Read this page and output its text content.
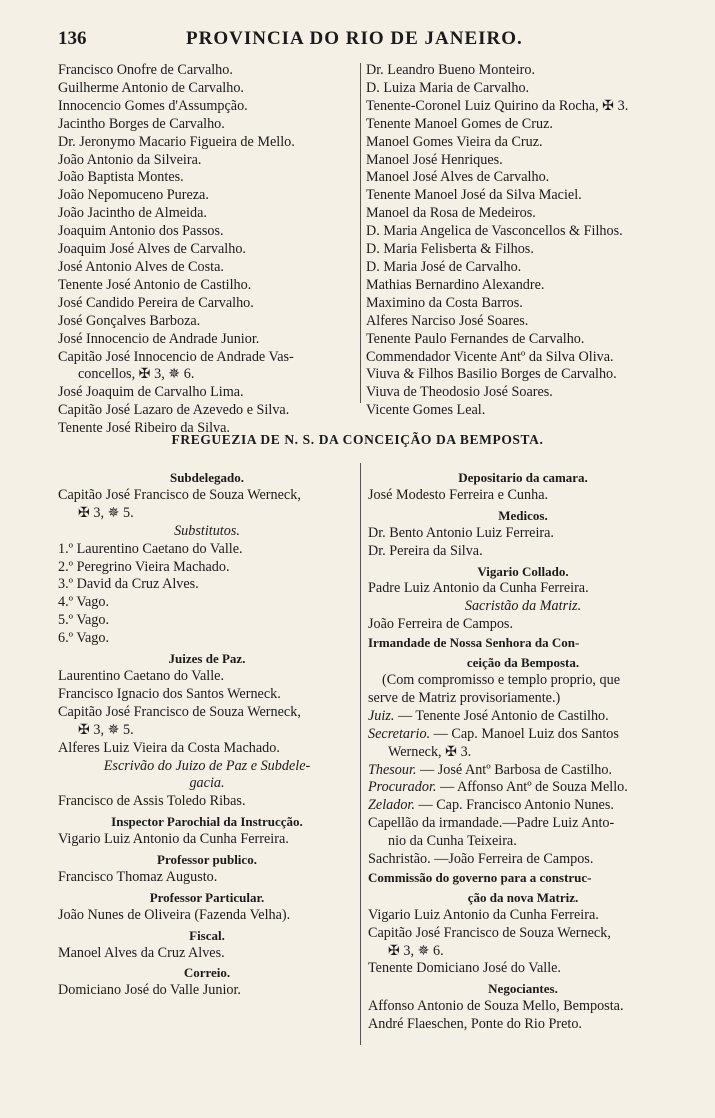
136	PROVINCIA DO RIO DE JANEIRO.
Francisco Onofre de Carvalho.
Guilherme Antonio de Carvalho.
Innocencio Gomes d'Assumpção.
Jacintho Borges de Carvalho.
Dr. Jeronymo Macario Figueira de Mello.
João Antonio da Silveira.
João Baptista Montes.
João Nepomuceno Pureza.
João Jacintho de Almeida.
Joaquim Antonio dos Passos.
Joaquim José Alves de Carvalho.
José Antonio Alves de Costa.
Tenente José Antonio de Castilho.
José Candido Pereira de Carvalho.
José Gonçalves Barboza.
José Innocencio de Andrade Junior.
Capitão José Innocencio de Andrade Vas-
concellos, ✠ 3, ✵ 6.
José Joaquim de Carvalho Lima.
Capitão José Lazaro de Azevedo e Silva.
Tenente José Ribeiro da Silva.
Dr. Leandro Bueno Monteiro.
D. Luiza Maria de Carvalho.
Tenente-Coronel Luiz Quirino da Rocha, ✠ 3.
Tenente Manoel Gomes de Cruz.
Manoel Gomes Vieira da Cruz.
Manoel José Henriques.
Manoel José Alves de Carvalho.
Tenente Manoel José da Silva Maciel.
Manoel da Rosa de Medeiros.
D. Maria Angelica de Vasconcellos & Filhos.
D. Maria Felisberta & Filhos.
D. Maria José de Carvalho.
Mathias Bernardino Alexandre.
Maximino da Costa Barros.
Alferes Narciso José Soares.
Tenente Paulo Fernandes de Carvalho.
Commendador Vicente Antº da Silva Oliva.
Viuva & Filhos Basilio Borges de Carvalho.
Viuva de Theodosio José Soares.
Vicente Gomes Leal.
FREGUEZIA DE N. S. DA CONCEIÇÃO DA BEMPOSTA.
Subdelegado.
Capitão José Francisco de Souza Werneck,
✠ 3, ✵ 5.
Substitutos.
1.º Laurentino Caetano do Valle.
2.º Peregrino Vieira Machado.
3.º David da Cruz Alves.
4.º Vago.
5.º Vago.
6.º Vago.
Juizes de Paz.
Laurentino Caetano do Valle.
Francisco Ignacio dos Santos Werneck.
Capitão José Francisco de Souza Werneck,
✠ 3, ✵ 5.
Alferes Luiz Vieira da Costa Machado.
Escrivão do Juizo de Paz e Subdele-
gacia.
Francisco de Assis Toledo Ribas.
Inspector Parochial da Instrucção.
Vigario Luiz Antonio da Cunha Ferreira.
Professor publico.
Francisco Thomaz Augusto.
Professor Particular.
João Nunes de Oliveira (Fazenda Velha).
Fiscal.
Manoel Alves da Cruz Alves.
Correio.
Domiciano José do Valle Junior.
Depositario da camara.
José Modesto Ferreira e Cunha.
Medicos.
Dr. Bento Antonio Luiz Ferreira.
Dr. Pereira da Silva.
Vigario Collado.
Padre Luiz Antonio da Cunha Ferreira.
Sacristão da Matriz.
João Ferreira de Campos.
Irmandade de Nossa Senhora da Con-
ceição da Bemposta.
(Com compromisso e templo proprio, que
serve de Matriz provisoriamente.)
Juiz. — Tenente José Antonio de Castilho.
Secretario. — Cap. Manoel Luiz dos Santos
Werneck, ✠ 3.
Thesour. — José Antº Barbosa de Castilho.
Procurador. — Affonso Antº de Souza Mello.
Zelador. — Cap. Francisco Antonio Nunes.
Capellão da irmandade.—Padre Luiz Anto-
nio da Cunha Teixeira.
Sachristão. —João Ferreira de Campos.
Commissão do governo para a construc-
ção da nova Matriz.
Vigario Luiz Antonio da Cunha Ferreira.
Capitão José Francisco de Souza Werneck,
✠ 3, ✵ 6.
Tenente Domiciano José do Valle.
Negociantes.
Affonso Antonio de Souza Mello, Bemposta.
André Flaeschen, Ponte do Rio Preto.
